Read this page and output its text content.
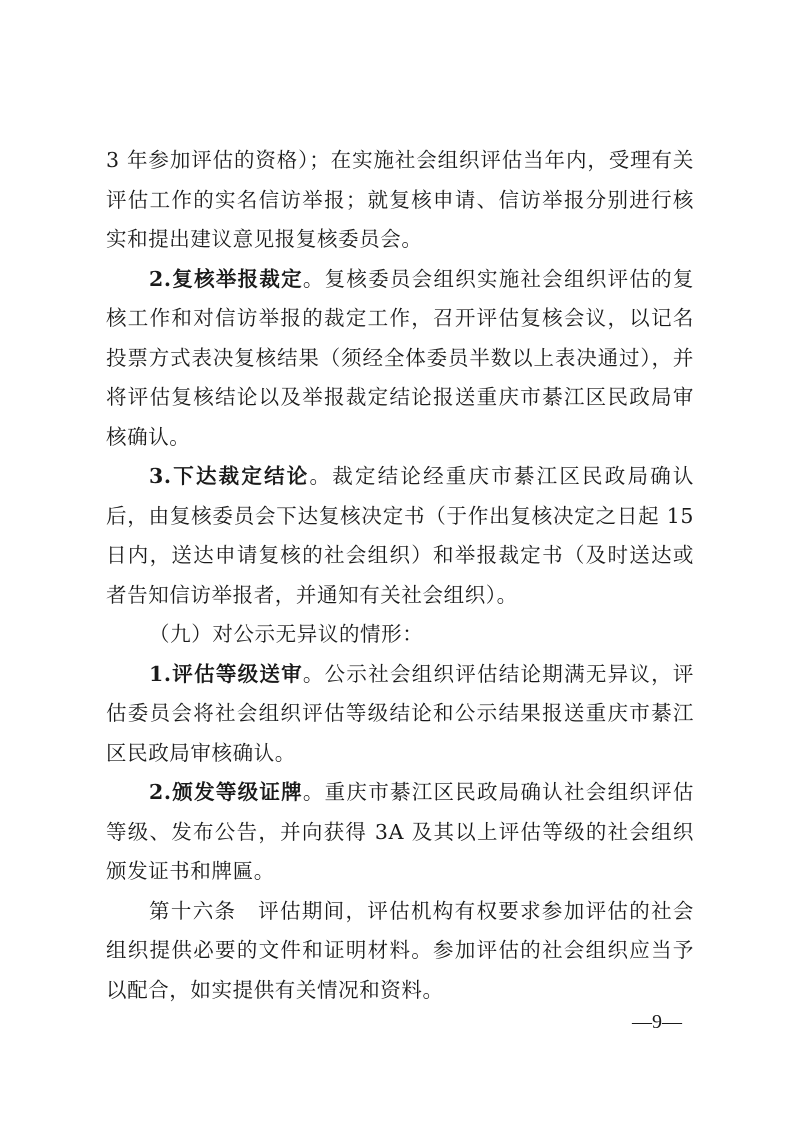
3 年参加评估的资格）；在实施社会组织评估当年内，受理有关评估工作的实名信访举报；就复核申请、信访举报分别进行核实和提出建议意见报复核委员会。

2.复核举报裁定。复核委员会组织实施社会组织评估的复核工作和对信访举报的裁定工作，召开评估复核会议，以记名投票方式表决复核结果（须经全体委员半数以上表决通过），并将评估复核结论以及举报裁定结论报送重庆市綦江区民政局审核确认。

3.下达裁定结论。裁定结论经重庆市綦江区民政局确认后，由复核委员会下达复核决定书（于作出复核决定之日起 15 日内，送达申请复核的社会组织）和举报裁定书（及时送达或者告知信访举报者，并通知有关社会组织）。

（九）对公示无异议的情形：

1.评估等级送审。公示社会组织评估结论期满无异议，评估委员会将社会组织评估等级结论和公示结果报送重庆市綦江区民政局审核确认。

2.颁发等级证牌。重庆市綦江区民政局确认社会组织评估等级、发布公告，并向获得 3A 及其以上评估等级的社会组织颁发证书和牌匾。

第十六条　评估期间，评估机构有权要求参加评估的社会组织提供必要的文件和证明材料。参加评估的社会组织应当予以配合，如实提供有关情况和资料。

—9—
